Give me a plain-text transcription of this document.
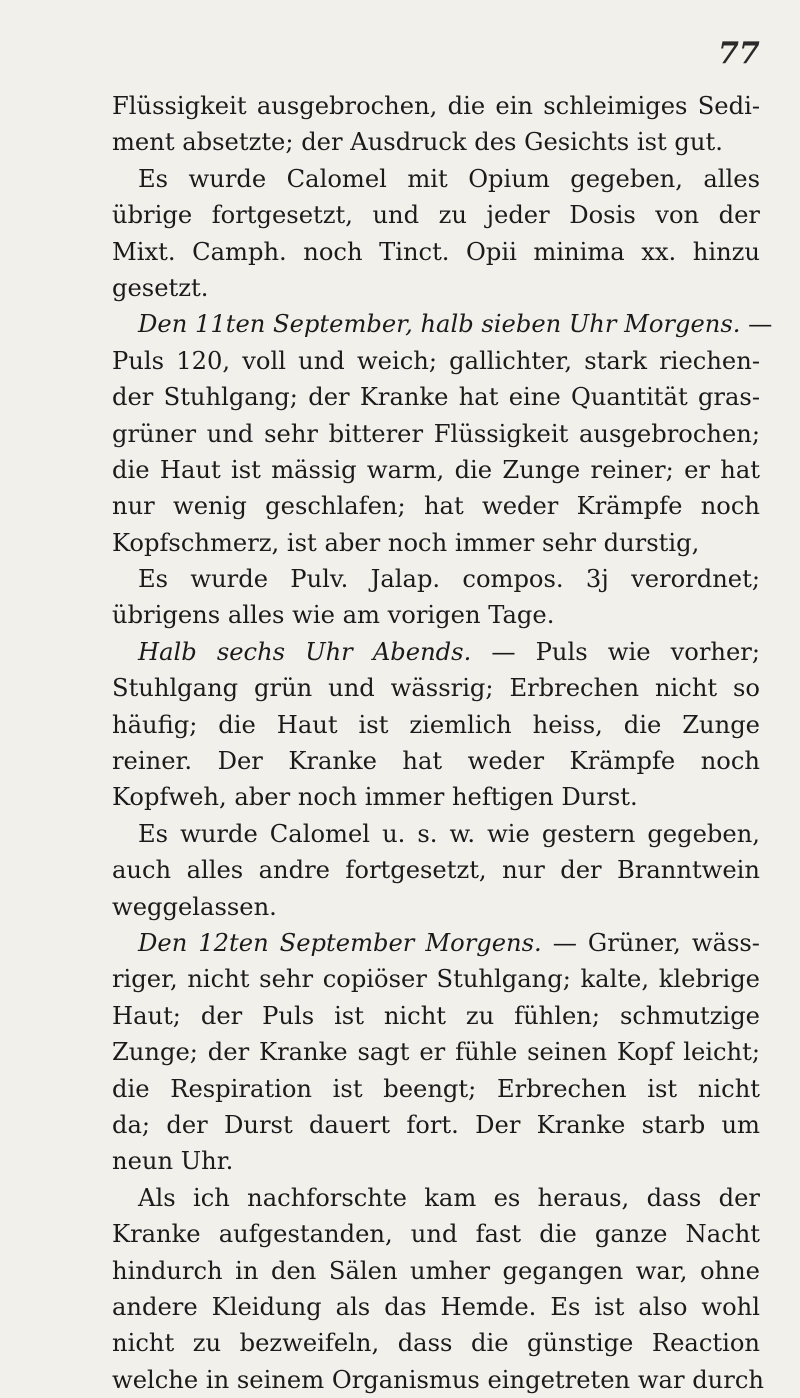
77
Flüssigkeit ausgebrochen, die ein schleimiges Sedi-
ment absetzte; der Ausdruck des Gesichts ist gut.
Es wurde Calomel mit Opium gegeben, alles
übrige fortgesetzt, und zu jeder Dosis von der
Mixt. Camph. noch Tinct. Opii minima xx. hinzu
gesetzt.
Den 11ten September, halb sieben Uhr Morgens. —
Puls 120, voll und weich; gallichter, stark riechen-
der Stuhlgang; der Kranke hat eine Quantität gras-
grüner und sehr bitterer Flüssigkeit ausgebrochen;
die Haut ist mässig warm, die Zunge reiner; er hat
nur wenig geschlafen; hat weder Krämpfe noch
Kopfschmerz, ist aber noch immer sehr durstig,
Es wurde Pulv. Jalap. compos. 3j verordnet;
übrigens alles wie am vorigen Tage.
Halb sechs Uhr Abends. — Puls wie vorher;
Stuhlgang grün und wässrig; Erbrechen nicht so
häufig; die Haut ist ziemlich heiss, die Zunge
reiner. Der Kranke hat weder Krämpfe noch
Kopfweh, aber noch immer heftigen Durst.
Es wurde Calomel u. s. w. wie gestern gegeben,
auch alles andre fortgesetzt, nur der Branntwein
weggelassen.
Den 12ten September Morgens. — Grüner, wäss-
riger, nicht sehr copiöser Stuhlgang; kalte, klebrige
Haut; der Puls ist nicht zu fühlen; schmutzige
Zunge; der Kranke sagt er fühle seinen Kopf leicht;
die Respiration ist beengt; Erbrechen ist nicht
da; der Durst dauert fort. Der Kranke starb um
neun Uhr.
Als ich nachforschte kam es heraus, dass der
Kranke aufgestanden, und fast die ganze Nacht
hindurch in den Sälen umher gegangen war, ohne
andere Kleidung als das Hemde. Es ist also wohl
nicht zu bezweifeln, dass die günstige Reaction
welche in seinem Organismus eingetreten war durch
